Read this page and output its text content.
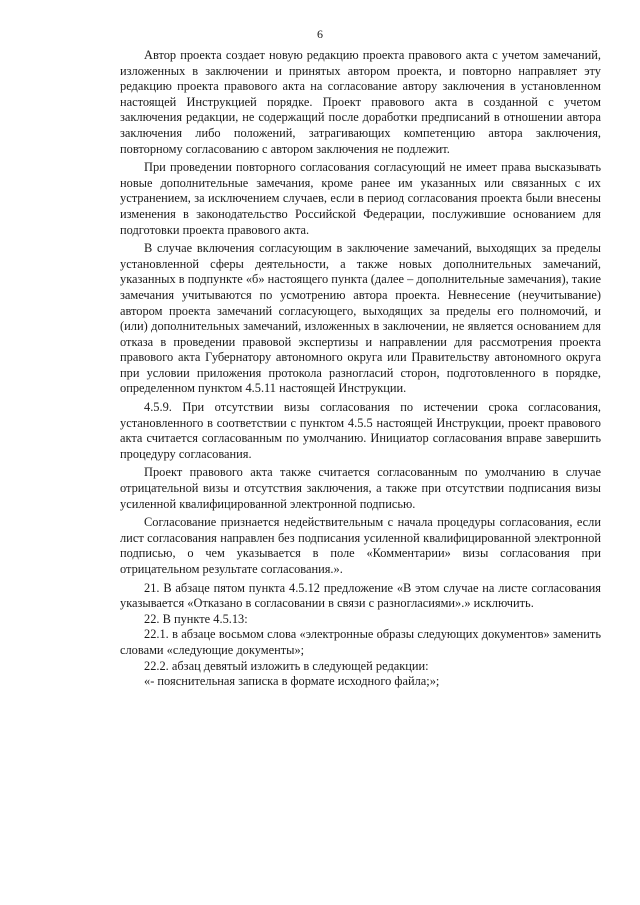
6

Автор проекта создает новую редакцию проекта правового акта с учетом замечаний, изложенных в заключении и принятых автором проекта, и повторно направляет эту редакцию проекта правового акта на согласование автору заключения в установленном настоящей Инструкцией порядке. Проект правового акта в созданной с учетом заключения редакции, не содержащий после доработки предписаний в отношении автора заключения либо положений, затрагивающих компетенцию автора заключения, повторному согласованию с автором заключения не подлежит.

При проведении повторного согласования согласующий не имеет права высказывать новые дополнительные замечания, кроме ранее им указанных или связанных с их устранением, за исключением случаев, если в период согласования проекта были внесены изменения в законодательство Российской Федерации, послужившие основанием для подготовки проекта правового акта.

В случае включения согласующим в заключение замечаний, выходящих за пределы установленной сферы деятельности, а также новых дополнительных замечаний, указанных в подпункте «б» настоящего пункта (далее – дополнительные замечания), такие замечания учитываются по усмотрению автора проекта. Невнесение (неучитывание) автором проекта замечаний согласующего, выходящих за пределы его полномочий, и (или) дополнительных замечаний, изложенных в заключении, не является основанием для отказа в проведении правовой экспертизы и направлении для рассмотрения проекта правового акта Губернатору автономного округа или Правительству автономного округа при условии приложения протокола разногласий сторон, подготовленного в порядке, определенном пунктом 4.5.11 настоящей Инструкции.

4.5.9. При отсутствии визы согласования по истечении срока согласования, установленного в соответствии с пунктом 4.5.5 настоящей Инструкции, проект правового акта считается согласованным по умолчанию. Инициатор согласования вправе завершить процедуру согласования.

Проект правового акта также считается согласованным по умолчанию в случае отрицательной визы и отсутствия заключения, а также при отсутствии подписания визы усиленной квалифицированной электронной подписью.

Согласование признается недействительным с начала процедуры согласования, если лист согласования направлен без подписания усиленной квалифицированной электронной подписью, о чем указывается в поле «Комментарии» визы согласования при отрицательном результате согласования.».

21. В абзаце пятом пункта 4.5.12 предложение «В этом случае на листе согласования указывается «Отказано в согласовании в связи с разногласиями».» исключить.

22. В пункте 4.5.13:

22.1. в абзаце восьмом слова «электронные образы следующих документов» заменить словами «следующие документы»;

22.2. абзац девятый изложить в следующей редакции:

«- пояснительная записка в формате исходного файла;»;
